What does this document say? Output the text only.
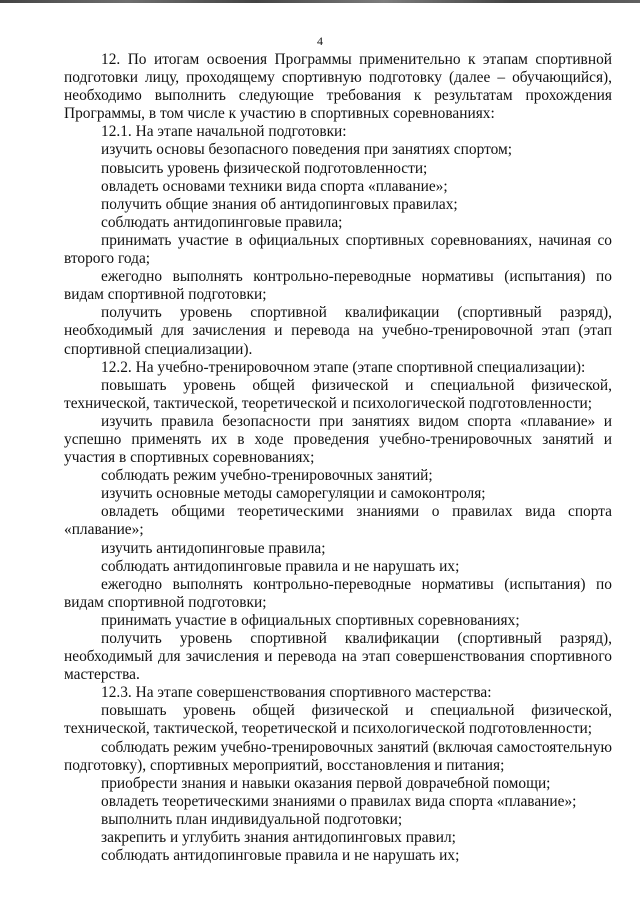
4

12. По итогам освоения Программы применительно к этапам спортивной подготовки лицу, проходящему спортивную подготовку (далее – обучающийся), необходимо выполнить следующие требования к результатам прохождения Программы, в том числе к участию в спортивных соревнованиях:

12.1. На этапе начальной подготовки:

изучить основы безопасного поведения при занятиях спортом;

повысить уровень физической подготовленности;

овладеть основами техники вида спорта «плавание»;

получить общие знания об антидопинговых правилах;

соблюдать антидопинговые правила;

принимать участие в официальных спортивных соревнованиях, начиная со второго года;

ежегодно выполнять контрольно-переводные нормативы (испытания) по видам спортивной подготовки;

получить уровень спортивной квалификации (спортивный разряд), необходимый для зачисления и перевода на учебно-тренировочной этап (этап спортивной специализации).

12.2. На учебно-тренировочном этапе (этапе спортивной специализации):

повышать уровень общей физической и специальной физической, технической, тактической, теоретической и психологической подготовленности;

изучить правила безопасности при занятиях видом спорта «плавание» и успешно применять их в ходе проведения учебно-тренировочных занятий и участия в спортивных соревнованиях;

соблюдать режим учебно-тренировочных занятий;

изучить основные методы саморегуляции и самоконтроля;

овладеть общими теоретическими знаниями о правилах вида спорта «плавание»;

изучить антидопинговые правила;

соблюдать антидопинговые правила и не нарушать их;

ежегодно выполнять контрольно-переводные нормативы (испытания) по видам спортивной подготовки;

принимать участие в официальных спортивных соревнованиях;

получить уровень спортивной квалификации (спортивный разряд), необходимый для зачисления и перевода на этап совершенствования спортивного мастерства.

12.3. На этапе совершенствования спортивного мастерства:

повышать уровень общей физической и специальной физической, технической, тактической, теоретической и психологической подготовленности;

соблюдать режим учебно-тренировочных занятий (включая самостоятельную подготовку), спортивных мероприятий, восстановления и питания;

приобрести знания и навыки оказания первой доврачебной помощи;

овладеть теоретическими знаниями о правилах вида спорта «плавание»;

выполнить план индивидуальной подготовки;

закрепить и углубить знания антидопинговых правил;

соблюдать антидопинговые правила и не нарушать их;
